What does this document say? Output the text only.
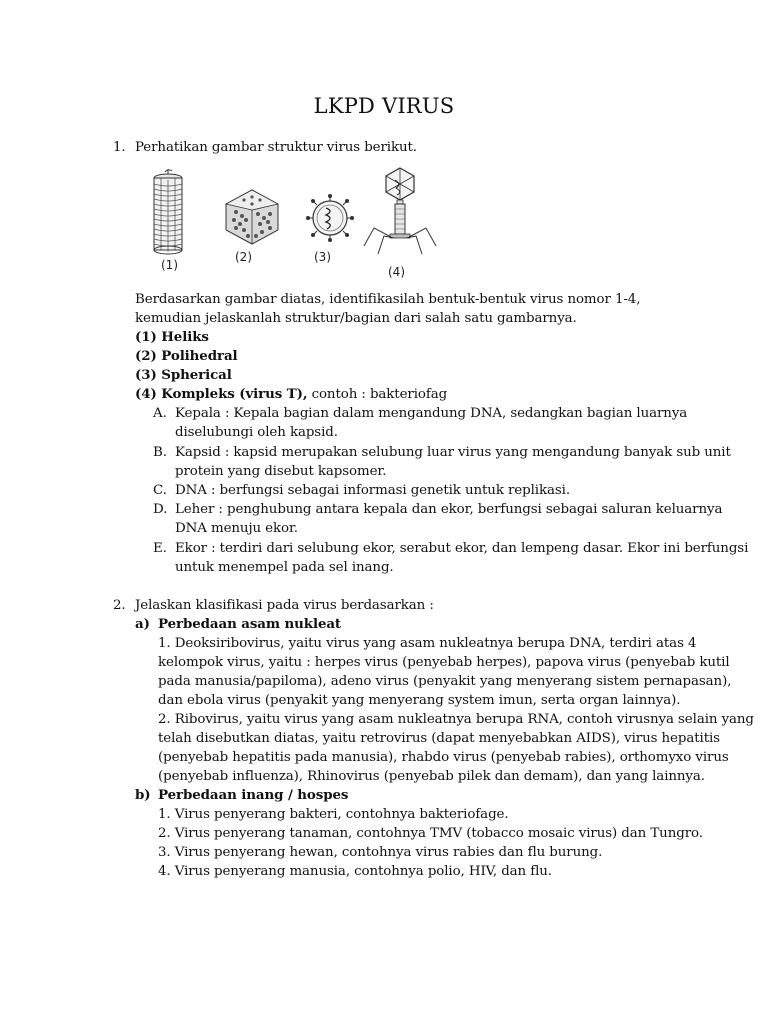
LKPD VIRUS
1. Perhatikan gambar struktur virus berikut.
(1)
(2)	(3)
(4)
Berdasarkan gambar diatas, identifikasilah bentuk-bentuk virus nomor 1-4,
kemudian jelaskanlah struktur/bagian dari salah satu gambarnya.
(1) Heliks
(2) Polihedral
(3) Spherical
(4) Kompleks (virus T), contoh : bakteriofag
A. Kepala : Kepala bagian dalam mengandung DNA, sedangkan bagian luarnya
diselubungi oleh kapsid.
B. Kapsid : kapsid merupakan selubung luar virus yang mengandung banyak sub unit
protein yang disebut kapsomer.
C. DNA : berfungsi sebagai informasi genetik untuk replikasi.
D. Leher : penghubung antara kepala dan ekor, berfungsi sebagai saluran keluarnya
DNA menuju ekor.
E. Ekor : terdiri dari selubung ekor, serabut ekor, dan lempeng dasar. Ekor ini berfungsi
untuk menempel pada sel inang.
2. Jelaskan klasifikasi pada virus berdasarkan :
a) Perbedaan asam nukleat
1. Deoksiribovirus, yaitu virus yang asam nukleatnya berupa DNA, terdiri atas 4
kelompok virus, yaitu : herpes virus (penyebab herpes), papova virus (penyebab kutil
pada manusia/papiloma), adeno virus (penyakit yang menyerang sistem pernapasan),
dan ebola virus (penyakit yang menyerang system imun, serta organ lainnya).
2. Ribovirus, yaitu virus yang asam nukleatnya berupa RNA, contoh virusnya selain yang
telah disebutkan diatas, yaitu retrovirus (dapat menyebabkan AIDS), virus hepatitis
(penyebab hepatitis pada manusia), rhabdo virus (penyebab rabies), orthomyxo virus
(penyebab influenza), Rhinovirus (penyebab pilek dan demam), dan yang lainnya.
b) Perbedaan inang / hospes
1. Virus penyerang bakteri, contohnya bakteriofage.
2. Virus penyerang tanaman, contohnya TMV (tobacco mosaic virus) dan Tungro.
3. Virus penyerang hewan, contohnya virus rabies dan flu burung.
4. Virus penyerang manusia, contohnya polio, HIV, dan flu.
